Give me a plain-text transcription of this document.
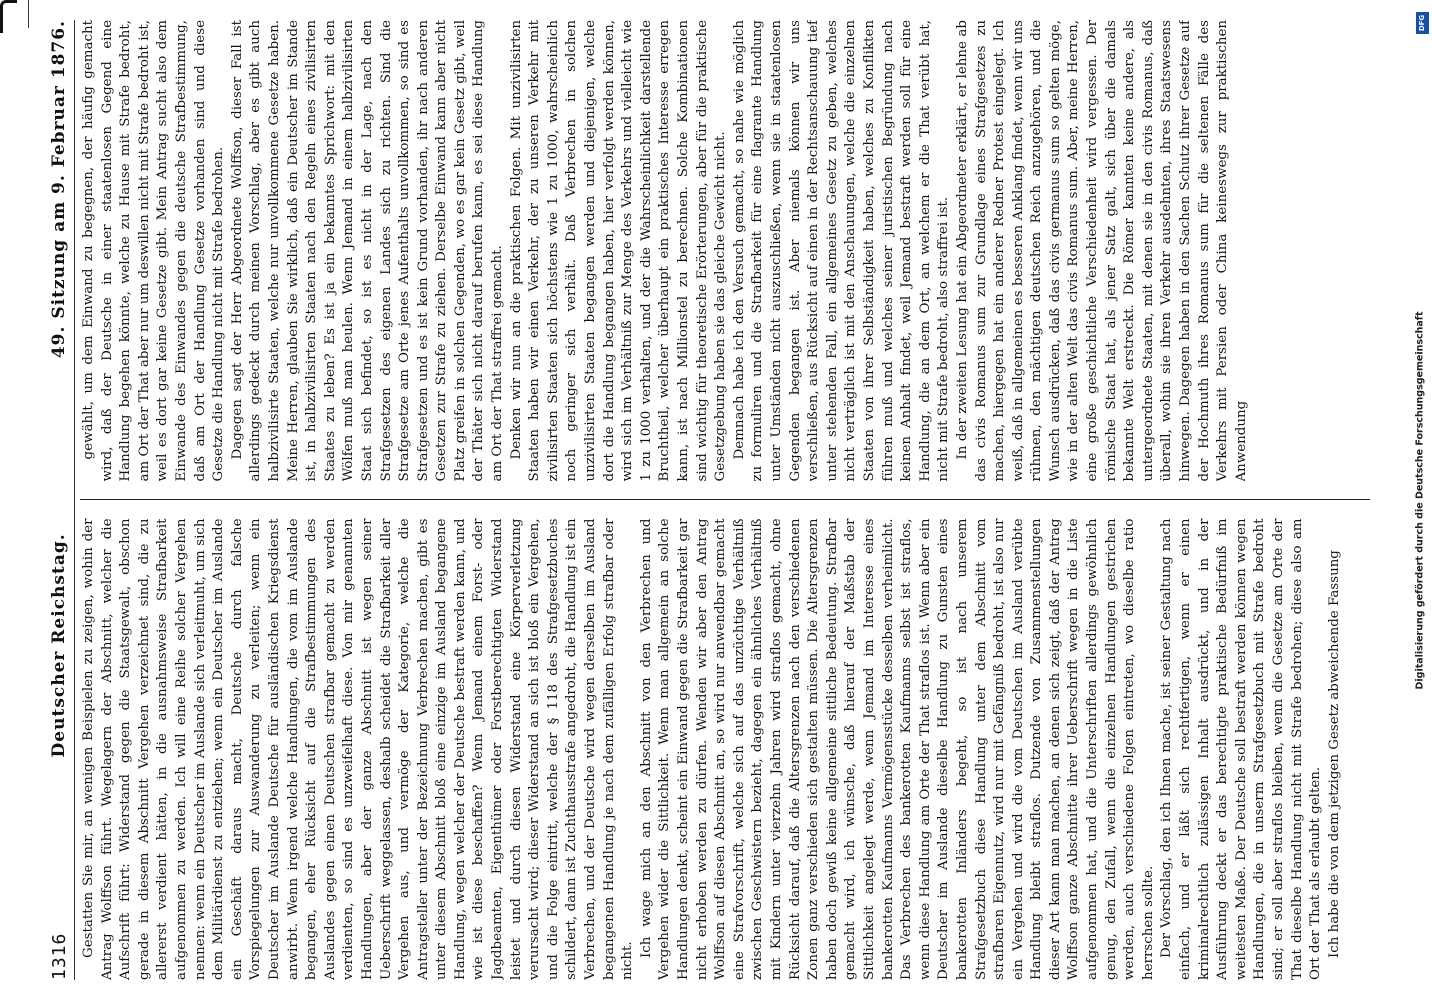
1316
Deutscher Reichstag.
49. Sitzung am 9. Februar 1876.

Gestatten Sie mir, an wenigen Beispielen zu zeigen, wohin der Antrag Wolffson führt. Wegelagern der Abschnitt, welcher die Aufschrift führt: Widerstand gegen die Staatsgewalt, obschon gerade in diesem Abschnitt Vergehen verzeichnet sind, die zu allererst verdient hätten, in die ausnahmsweise Strafbarkeit aufgenommen zu werden. Ich will eine Reihe solcher Vergehen nennen: wenn ein Deutscher im Auslande sich verleitmuht, um sich dem Militärdienst zu entziehen; wenn ein Deutscher im Auslande ein Geschäft daraus macht, Deutsche durch falsche Vorspiegelungen zur Auswanderung zu verleiten; wenn ein Deutscher im Auslande Deutsche für ausländischen Kriegsdienst anwirbt. Wenn irgend welche Handlungen, die vom im Auslande begangen, eher Rücksicht auf die Strafbestimmungen des Auslandes gegen einen Deutschen strafbar gemacht zu werden verdienten, so sind es unzweifelhaft diese. Von mir genannten Handlungen, aber der ganze Abschnitt ist wegen seiner Ueberschrift weggelassen, deshalb scheidet die Strafbarkeit aller Vergehen aus, und vermöge der Kategorie, welche die Antragsteller unter der Bezeichnung Verbrechen machen, gibt es unter diesem Abschnitt bloß eine einzige im Ausland begangene Handlung, wegen welcher der Deutsche bestraft werden kann, und wie ist diese beschaffen? Wenn Jemand einem Forst- oder Jagdbeamten, Eigenthümer oder Forstberechtigten Widerstand leistet und durch diesen Widerstand eine Körperverletzung verursacht wird; dieser Widerstand an sich ist bloß ein Vergehen, und die Folge eintritt, welche der § 118 des Strafgesetzbuches schildert, dann ist Zuchthausstrafe angedroht, die Handlung ist ein Verbrechen, und der Deutsche wird wegen derselben im Ausland begangenen Handlung je nach dem zufälligen Erfolg strafbar oder nicht.

Ich wage mich an den Abschnitt von den Verbrechen und Vergehen wider die Sittlichkeit. Wenn man allgemein an solche Handlungen denkt, scheint ein Einwand gegen die Strafbarkeit gar nicht erhoben werden zu dürfen. Wenden wir aber den Antrag Wolffson auf diesen Abschnitt an, so wird nur anwendbar gemacht eine Strafvorschrift, welche sich auf das unzüchtige Verhältniß zwischen Geschwistern bezieht, dagegen ein ähnliches Verhältniß mit Kindern unter vierzehn Jahren wird straflos gemacht, ohne Rücksicht darauf, daß die Altersgrenzen nach den verschiedenen Zonen ganz verschieden sich gestalten müssen. Die Altersgrenzen haben doch gewiß keine allgemeine sittliche Bedeutung. Strafbar gemacht wird, ich wünsche, daß hierauf der Maßstab der Sittlichkeit angelegt werde, wenn Jemand im Interesse eines bankerotten Kaufmanns Vermögensstücke desselben verheimlicht. Das Verbrechen des bankerotten Kaufmanns selbst ist straflos, wenn diese Handlung am Orte der That straflos ist. Wenn aber ein Deutscher im Auslande dieselbe Handlung zu Gunsten eines bankerotten Inländers begeht, so ist nach unserem Strafgesetzbuch diese Handlung unter dem Abschnitt vom strafbaren Eigennutz, wird nur mit Gefängniß bedroht, ist also nur ein Vergehen und wird die vom Deutschen im Ausland verübte Handlung bleibt straflos. Dutzende von Zusammenstellungen dieser Art kann man machen, an denen sich zeigt, daß der Antrag Wolffson ganze Abschnitte ihrer Ueberschrift wegen in die Liste aufgenommen hat, und die Unterschriften allerdings gewöhnlich genug, den Zufall, wenn die einzelnen Handlungen gestrichen werden, auch verschiedene Folgen eintreten, wo dieselbe ratio herrschen sollte. Der Vorschlag, den ich Ihnen mache, ist seiner Gestaltung nach einfach, und er läßt sich rechtfertigen, wenn er einen kriminalrechtlich zulässigen Inhalt ausdrückt, und in der Ausführung deckt er das berechtigte praktische Bedürfniß im weitesten Maße. Der Deutsche soll bestraft werden können wegen Handlungen, die in unserm Strafgesetzbuch mit Strafe bedroht sind; er soll aber straflos bleiben, wenn die Gesetze am Orte der That dieselbe Handlung nicht mit Strafe bedrohen; diese also am Ort der That als erlaubt gelten. Ich habe die von dem jetzigen Gesetz abweichende Fassung

gewählt, um dem Einwand zu begegnen, der häufig gemacht wird, daß der Deutsche in einer staatenlosen Gegend eine Handlung begehen könnte, welche zu Hause mit Strafe bedroht, am Ort der That aber nur um deswillen nicht mit Strafe bedroht ist, weil es dort gar keine Gesetze gibt. Mein Antrag sucht also dem Einwande des Einwandes gegen die deutsche Strafbestimmung, daß am Ort der Handlung Gesetze vorhanden sind und diese Gesetze die Handlung nicht mit Strafe bedrohen. Dagegen sagt der Herr Abgeordnete Wolffson, dieser Fall ist allerdings gedeckt durch meinen Vorschlag, aber es gibt auch halbzivilisirte Staaten, welche nur unvollkommene Gesetze haben. Meine Herren, glauben Sie wirklich, daß ein Deutscher im Stande ist, in halbzivilisirten Staaten nach den Regeln eines zivilisirten Staates zu leben? Es ist ja ein bekanntes Sprichwort: mit den Wölfen muß man heulen. Wenn Jemand in einem halbzivilisirten Staat sich befindet, so ist es nicht in der Lage, nach den Strafgesetzen des eigenen Landes sich zu richten. Sind die Strafgesetze am Orte jenes Aufenthalts unvollkommen, so sind es Strafgesetzen und es ist kein Grund vorhanden, ihr nach anderen Gesetzen zur Strafe zu ziehen. Derselbe Einwand kann aber nicht Platz greifen in solchen Gegenden, wo es gar kein Gesetz gibt, weil der Thäter sich nicht darauf berufen kann, es sei diese Handlung am Ort der That straffrei gemacht. Denken wir nun an die praktischen Folgen. Mit unzivilisirten Staaten haben wir einen Verkehr, der zu unseren Verkehr mit zivilisirten Staaten sich höchstens wie 1 zu 1000, wahrscheinlich noch geringer sich verhält. Daß Verbrechen in solchen unzivilisirten Staaten begangen werden und diejenigen, welche dort die Handlung begangen haben, hier verfolgt werden können, wird sich im Verhältniß zur Menge des Verkehrs und vielleicht wie 1 zu 1000 verhalten, und der die Wahrscheinlichkeit darstellende Bruchtheil, welcher überhaupt ein praktisches Interesse erregen kann, ist nach Millionstel zu berechnen. Solche Kombinationen sind wichtig für theoretische Erörterungen, aber für die praktische Gesetzgebung haben sie das gleiche Gewicht nicht. Demnach habe ich den Versuch gemacht, so nahe wie möglich zu formuliren und die Strafbarkeit für eine flagrante Handlung unter Umständen nicht auszuschließen, wenn sie in staatenlosen Gegenden begangen ist. Aber niemals können wir uns verschließen, aus Rücksicht auf einen in der Rechtsanschauung tief unter stehenden Fall, ein allgemeines Gesetz zu geben, welches nicht verträglich ist mit den Anschauungen, welche die einzelnen Staaten von ihrer Selbständigkeit haben, welches zu Konflikten führen muß und welches seiner juristischen Begründung nach keinen Anhalt findet, weil Jemand bestraft werden soll für eine Handlung, die an dem Ort, an welchem er die That verübt hat, nicht mit Strafe bedroht, also straffrei ist. In der zweiten Lesung hat ein Abgeordneter erklärt, er lehne ab das civis Romanus sum zur Grundlage eines Strafgesetzes zu machen, hiergegen hat ein anderer Redner Protest eingelegt. Ich weiß, daß in allgemeinen es besseren Anklang findet, wenn wir uns rühmen, den mächtigen deutschen Reich anzugehören, und die Wunsch ausdrücken, daß das civis germanus sum so gelten möge, wie in der alten Welt das civis Romanus sum. Aber, meine Herren, eine große geschichtliche Verschiedenheit wird vergessen. Der römische Staat hat, als jener Satz galt, sich über die damals bekannte Welt erstreckt. Die Römer kannten keine andere, als untergeordnete Staaten, mit denen sie in den civis Romanus, daß überall, wohin sie ihren Verkehr ausdehnten, ihres Staatswesens hinwegen. Dagegen haben in den Sachen Schutz ihrer Gesetze auf der Hochmuth ihres Romanus sum für die seltenen Fälle des Verkehrs mit Persien oder China keineswegs zur praktischen Anwendung	Digitalisierung gefördert durch die Deutsche Forschungsgemeinschaft
DFG
